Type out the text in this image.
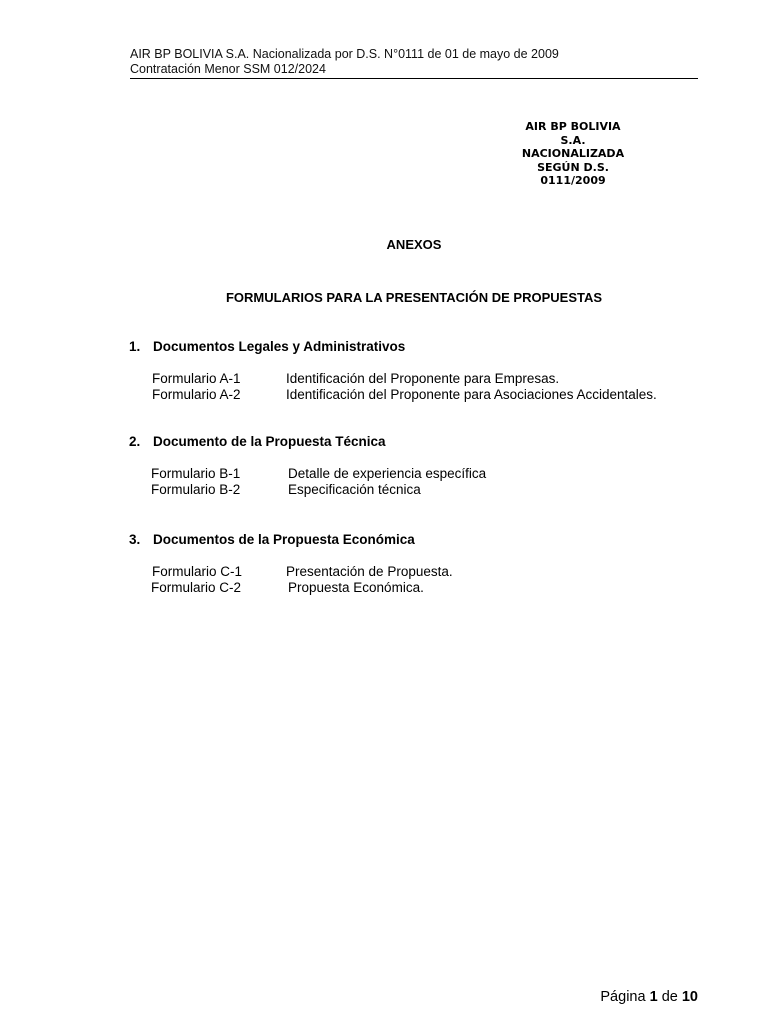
AIR BP BOLIVIA S.A. Nacionalizada por D.S. N°0111 de 01 de mayo de 2009
Contratación Menor SSM 012/2024
AIR BP BOLIVIA
S.A.
NACIONALIZADA
SEGÚN D.S.
0111/2009
ANEXOS
FORMULARIOS PARA LA PRESENTACIÓN DE PROPUESTAS
1. Documentos Legales y Administrativos
Formulario A-1	Identificación del Proponente para Empresas.
Formulario A-2	Identificación del Proponente para Asociaciones Accidentales.
2. Documento de la Propuesta Técnica
Formulario B-1	Detalle de experiencia específica
Formulario B-2	Especificación técnica
3. Documentos de la Propuesta Económica
Formulario C-1	Presentación de Propuesta.
Formulario C-2	Propuesta Económica.
Página 1 de 10
